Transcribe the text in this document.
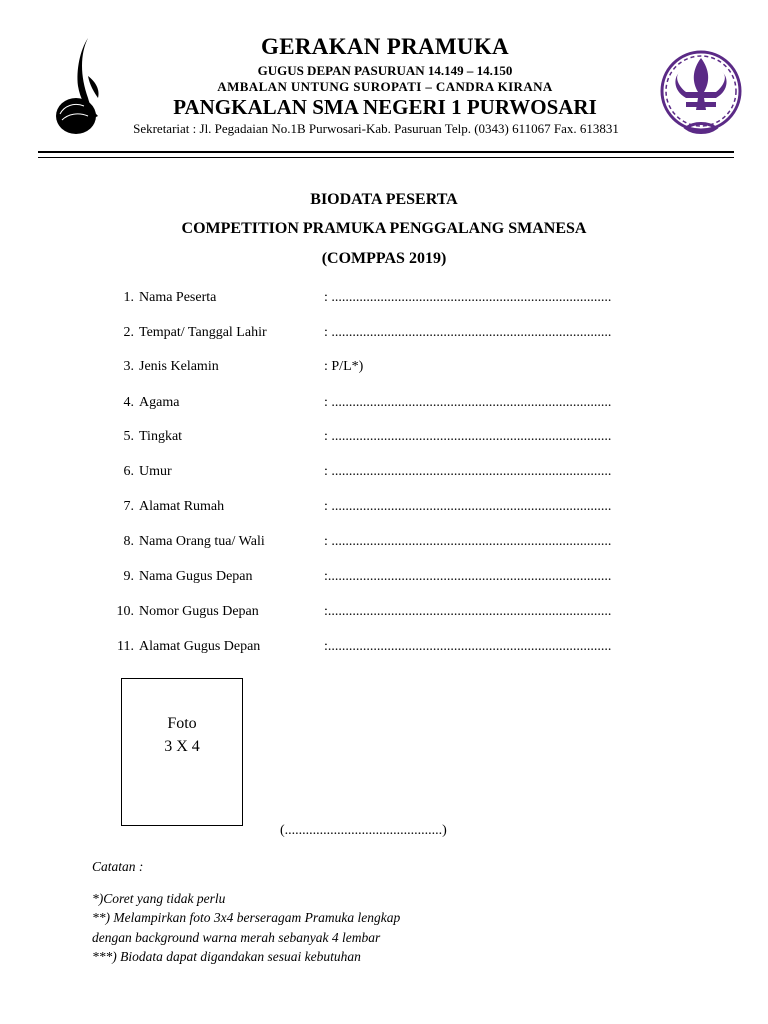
GERAKAN PRAMUKA
GUGUS DEPAN PASURUAN 14.149 – 14.150
AMBALAN UNTUNG SUROPATI – CANDRA KIRANA
PANGKALAN SMA NEGERI 1 PURWOSARI
Sekretariat : Jl. Pegadaian No.1B Purwosari-Kab. Pasuruan Telp. (0343) 611067 Fax. 613831
BIODATA PESERTA
COMPETITION PRAMUKA PENGGALANG SMANESA
(COMPPAS 2019)
1. Nama Peserta	: ................................................................................
2. Tempat/ Tanggal Lahir	: ................................................................................
3. Jenis Kelamin	: P/L*)
4. Agama	: ................................................................................
5. Tingkat	: ................................................................................
6. Umur	: ................................................................................
7. Alamat Rumah	: ................................................................................
8. Nama Orang tua/ Wali	: ................................................................................
9. Nama Gugus Depan	:.................................................................................
10. Nomor Gugus Depan	:.................................................................................
11. Alamat Gugus Depan	:.................................................................................
Foto
3 X 4
(.............................................)
Catatan :
*)Coret yang tidak perlu
**) Melampirkan foto 3x4 berseragam Pramuka lengkap
dengan background warna merah sebanyak 4 lembar
***) Biodata dapat digandakan sesuai kebutuhan
